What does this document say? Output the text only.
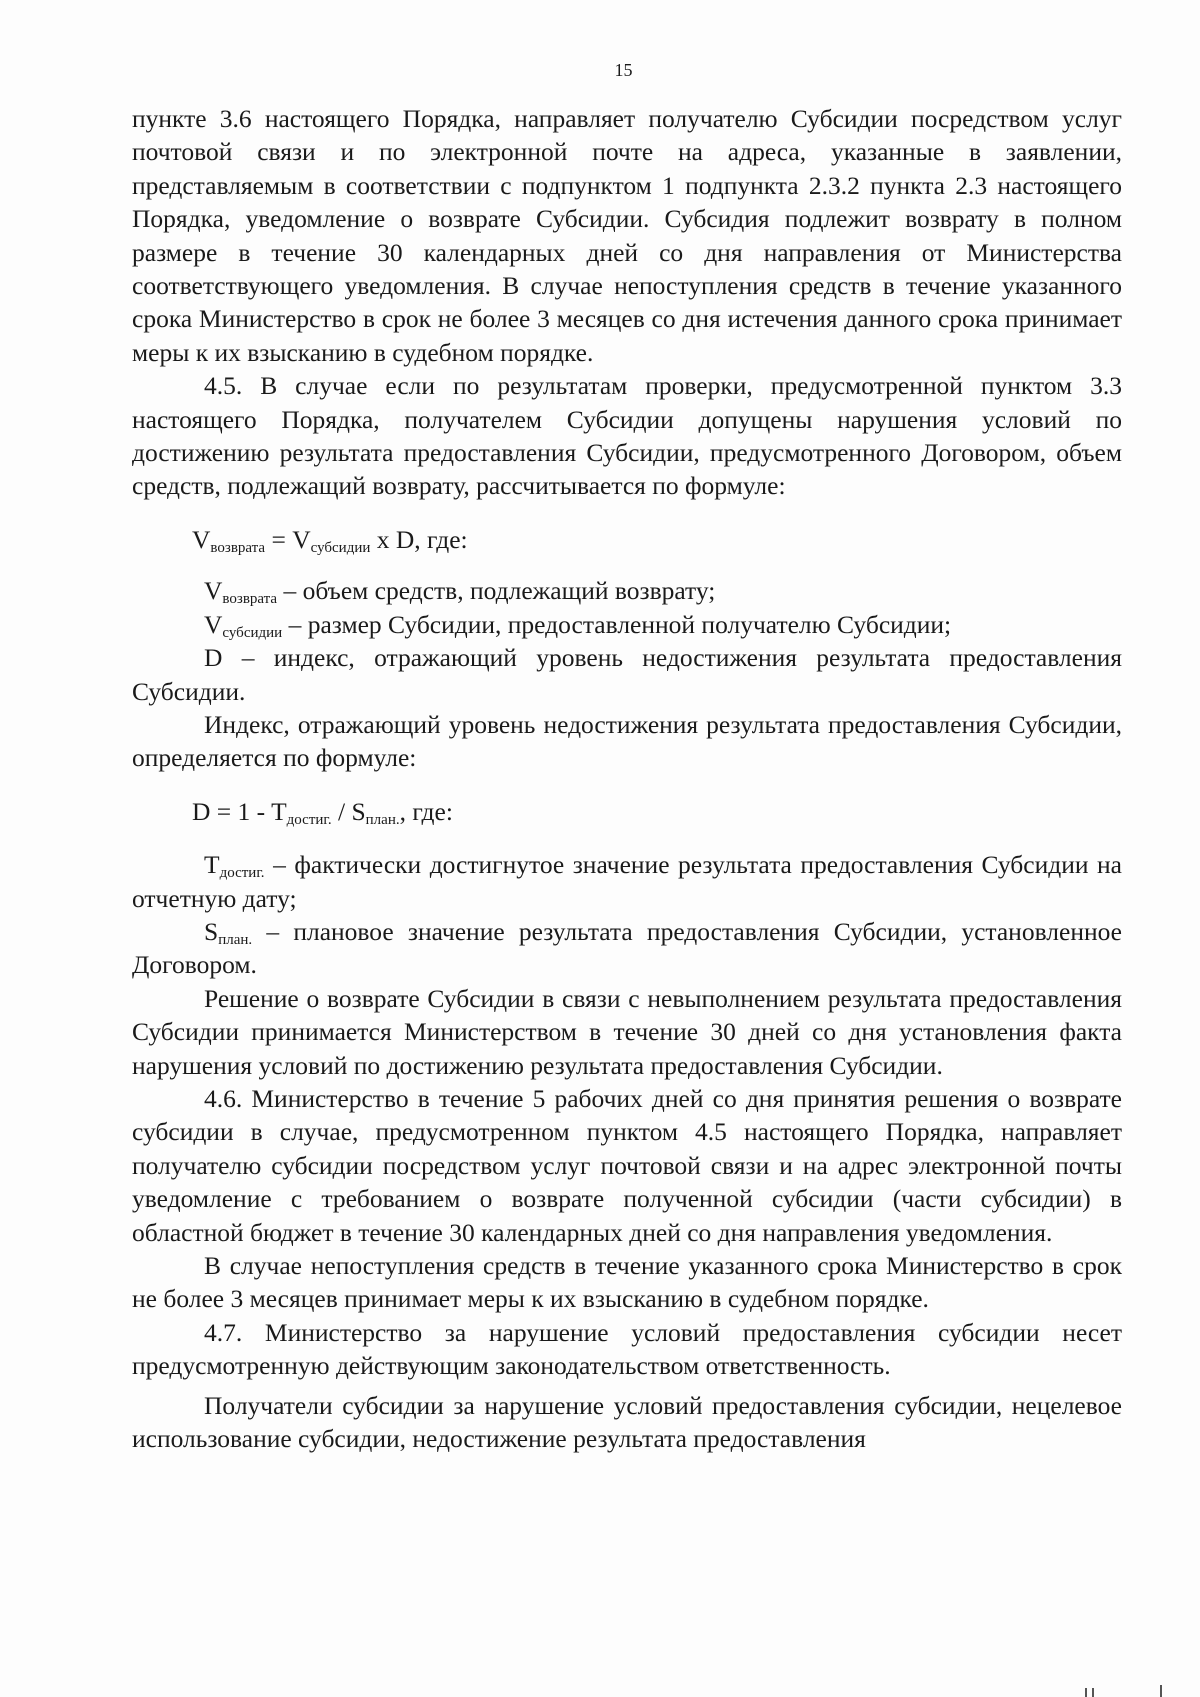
15

пункте 3.6 настоящего Порядка, направляет получателю Субсидии посредством услуг почтовой связи и по электронной почте на адреса, указанные в заявлении, представляемым в соответствии с подпунктом 1 подпункта 2.3.2 пункта 2.3 настоящего Порядка, уведомление о возврате Субсидии. Субсидия подлежит возврату в полном размере в течение 30 календарных дней со дня направления от Министерства соответствующего уведомления. В случае непоступления средств в течение указанного срока Министерство в срок не более 3 месяцев со дня истечения данного срока принимает меры к их взысканию в судебном порядке.

4.5. В случае если по результатам проверки, предусмотренной пунктом 3.3 настоящего Порядка, получателем Субсидии допущены нарушения условий по достижению результата предоставления Субсидии, предусмотренного Договором, объем средств, подлежащий возврату, рассчитывается по формуле:

$V_{возврата} = V_{субсидии}$ x D, где:

$V_{возврата}$ – объем средств, подлежащий возврату;

$V_{субсидии}$ – размер Субсидии, предоставленной получателю Субсидии;

D – индекс, отражающий уровень недостижения результата предоставления Субсидии.

Индекс, отражающий уровень недостижения результата предоставления Субсидии, определяется по формуле:

$D = 1 - T_{достиг.} / S_{план.}$, где:

$T_{достиг.}$ – фактически достигнутое значение результата предоставления Субсидии на отчетную дату;

$S_{план.}$ – плановое значение результата предоставления Субсидии, установленное Договором.

Решение о возврате Субсидии в связи с невыполнением результата предоставления Субсидии принимается Министерством в течение 30 дней со дня установления факта нарушения условий по достижению результата предоставления Субсидии.

4.6. Министерство в течение 5 рабочих дней со дня принятия решения о возврате субсидии в случае, предусмотренном пунктом 4.5 настоящего Порядка, направляет получателю субсидии посредством услуг почтовой связи и на адрес электронной почты уведомление с требованием о возврате полученной субсидии (части субсидии) в областной бюджет в течение 30 календарных дней со дня направления уведомления.

В случае непоступления средств в течение указанного срока Министерство в срок не более 3 месяцев принимает меры к их взысканию в судебном порядке.

4.7. Министерство за нарушение условий предоставления субсидии несет предусмотренную действующим законодательством ответственность.

Получатели субсидии за нарушение условий предоставления субсидии, нецелевое использование субсидии, недостижение результата предоставления
